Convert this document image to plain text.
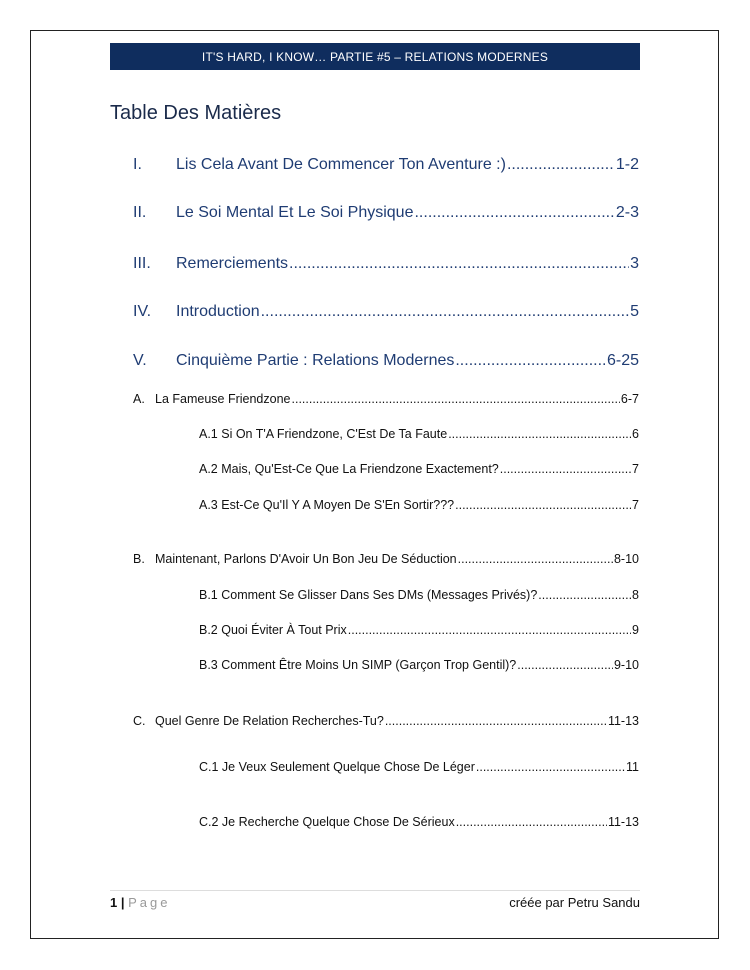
IT'S HARD, I KNOW… PARTIE #5 – RELATIONS MODERNES
Table Des Matières
I.	Lis Cela Avant De Commencer Ton Aventure :) .....	1-2
II.	Le Soi Mental Et Le Soi Physique .....	2-3
III.	Remerciements .....	3
IV.	Introduction .....	5
V.	Cinquième Partie : Relations Modernes .....	6-25
A. La Fameuse Friendzone .....	6-7
A.1 Si On T'A Friendzone, C'Est De Ta Faute .....	6
A.2 Mais, Qu'Est-Ce Que La Friendzone Exactement? .....	7
A.3 Est-Ce Qu'Il Y A Moyen De S'En Sortir??? .....	7
B. Maintenant, Parlons D'Avoir Un Bon Jeu De Séduction .....	8-10
B.1 Comment Se Glisser Dans Ses DMs (Messages Privés)? .....	8
B.2 Quoi Éviter À Tout Prix .....	9
B.3 Comment Être Moins Un SIMP (Garçon Trop Gentil)? .....	9-10
C. Quel Genre De Relation Recherches-Tu? .....	11-13
C.1 Je Veux Seulement Quelque Chose De Léger .....	11
C.2 Je Recherche Quelque Chose De Sérieux .....	11-13
1 | Page	créée par Petru Sandu
